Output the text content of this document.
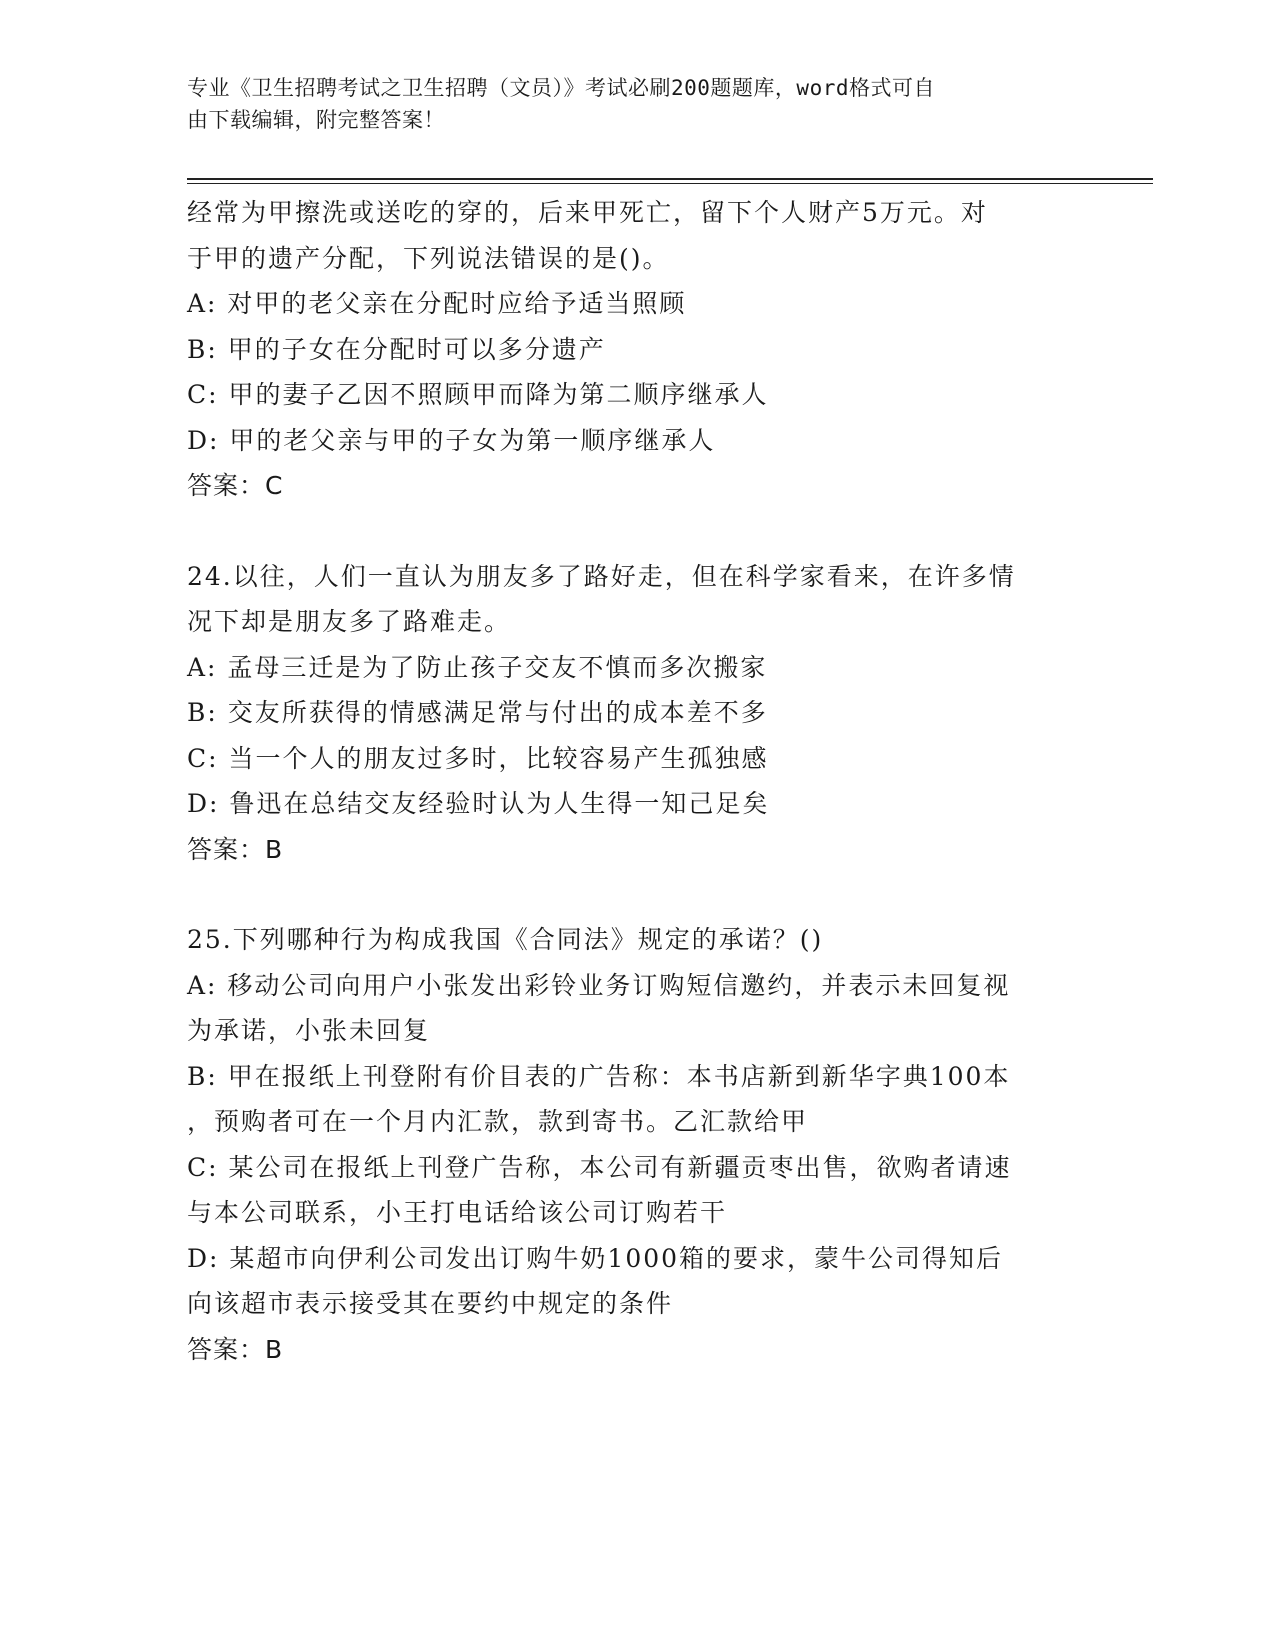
专业《卫生招聘考试之卫生招聘（文员）》考试必刷200题题库，word格式可自
由下载编辑，附完整答案！
经常为甲擦洗或送吃的穿的，后来甲死亡，留下个人财产5万元。对
于甲的遗产分配，下列说法错误的是()。
A: 对甲的老父亲在分配时应给予适当照顾
B: 甲的子女在分配时可以多分遗产
C: 甲的妻子乙因不照顾甲而降为第二顺序继承人
D: 甲的老父亲与甲的子女为第一顺序继承人
答案：C
24.以往，人们一直认为朋友多了路好走，但在科学家看来，在许多情
况下却是朋友多了路难走。
A: 孟母三迁是为了防止孩子交友不慎而多次搬家
B: 交友所获得的情感满足常与付出的成本差不多
C: 当一个人的朋友过多时，比较容易产生孤独感
D: 鲁迅在总结交友经验时认为人生得一知己足矣
答案：B
25.下列哪种行为构成我国《合同法》规定的承诺？()
A: 移动公司向用户小张发出彩铃业务订购短信邀约，并表示未回复视
为承诺，小张未回复
B: 甲在报纸上刊登附有价目表的广告称：本书店新到新华字典100本
，预购者可在一个月内汇款，款到寄书。乙汇款给甲
C: 某公司在报纸上刊登广告称，本公司有新疆贡枣出售，欲购者请速
与本公司联系，小王打电话给该公司订购若干
D: 某超市向伊利公司发出订购牛奶1000箱的要求，蒙牛公司得知后
向该超市表示接受其在要约中规定的条件
答案：B
